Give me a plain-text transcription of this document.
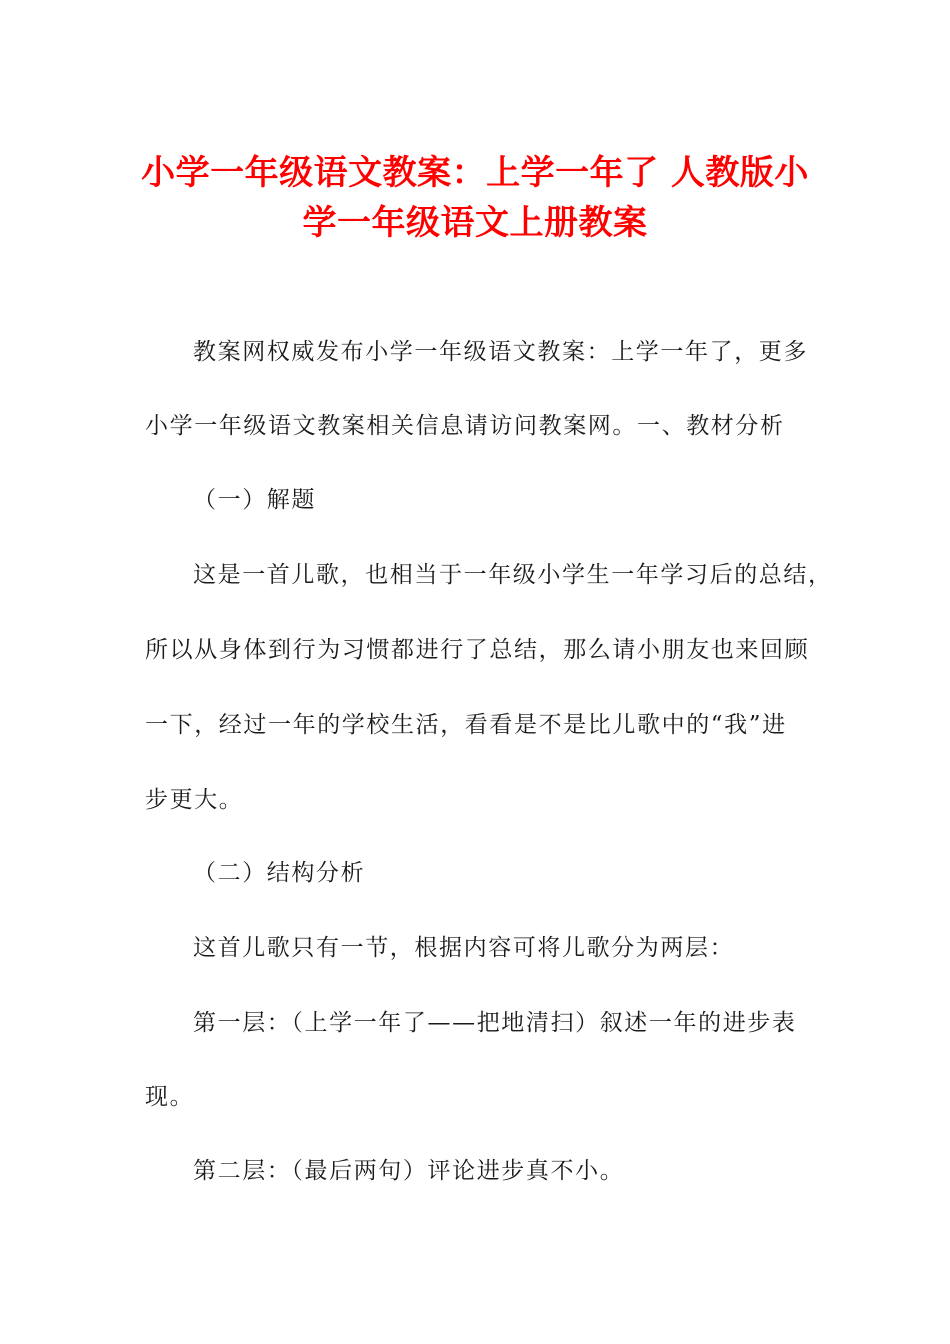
小学一年级语文教案：上学一年了 人教版小
学一年级语文上册教案
教案网权威发布小学一年级语文教案：上学一年了，更多
小学一年级语文教案相关信息请访问教案网。一、教材分析
（一）解题
这是一首儿歌，也相当于一年级小学生一年学习后的总结，
所以从身体到行为习惯都进行了总结，那么请小朋友也来回顾
一下，经过一年的学校生活，看看是不是比儿歌中的“我”进
步更大。
（二）结构分析
这首儿歌只有一节，根据内容可将儿歌分为两层：
第一层：（上学一年了——把地清扫）叙述一年的进步表
现。
第二层：（最后两句）评论进步真不小。
